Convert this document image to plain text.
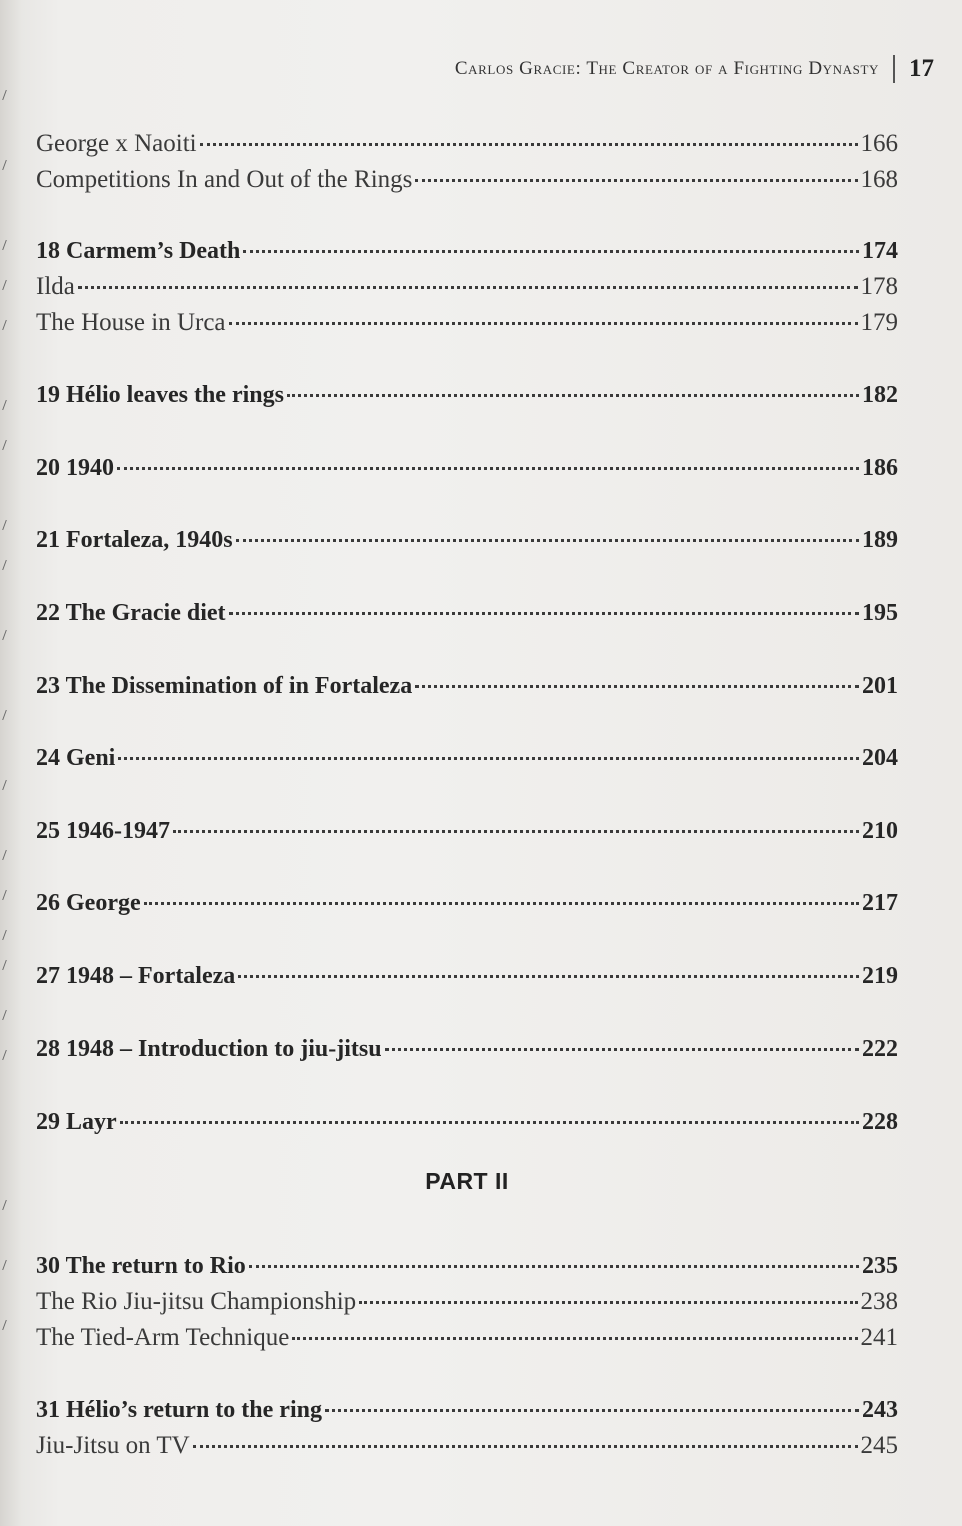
Carlos Gracie: The Creator of a Fighting Dynasty 17
George x Naoiti	166
Competitions In and Out of the Rings	168
18 Carmem’s Death	174
Ilda	178
The House in Urca	179
19 Hélio leaves the rings	182
20 1940	186
21 Fortaleza, 1940s	189
22 The Gracie diet	195
23 The Dissemination of in Fortaleza	201
24 Geni	204
25 1946-1947	210
26 George	217
27 1948 – Fortaleza	219
28 1948 – Introduction to jiu-jitsu	222
29 Layr	228
30 The return to Rio	235
The Rio Jiu-jitsu Championship	238
The Tied-Arm Technique	241
31 Hélio’s return to the ring	243
Jiu-Jitsu on TV	245
PART II
